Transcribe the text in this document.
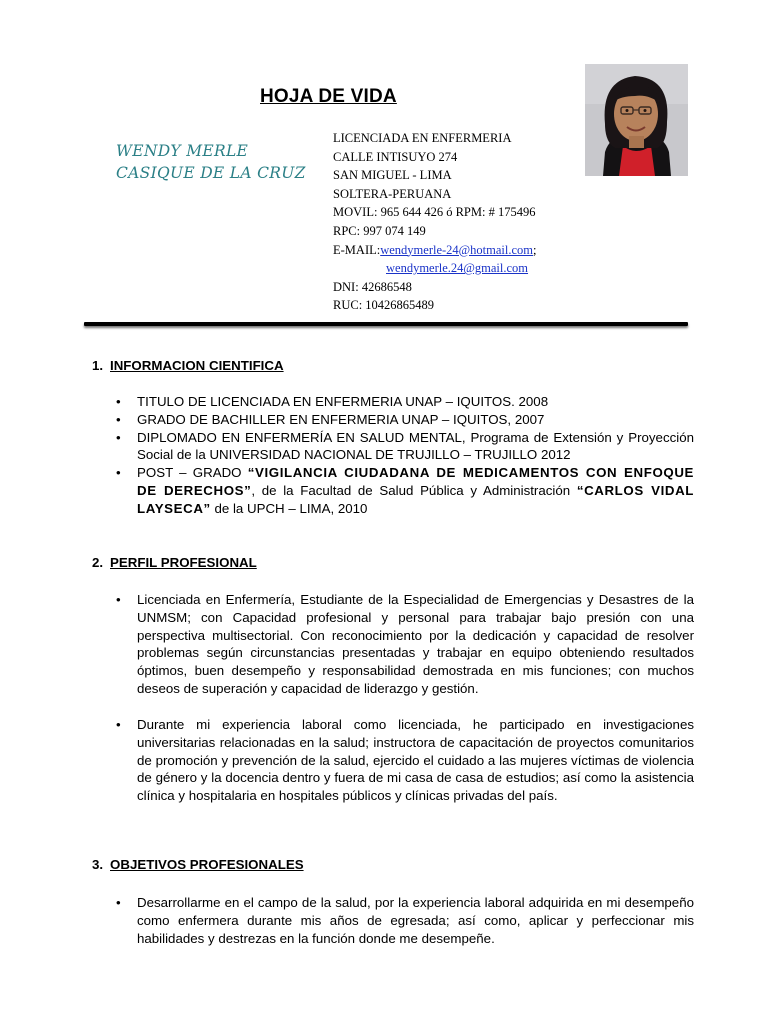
HOJA DE VIDA
WENDY MERLE
CASIQUE DE LA CRUZ
LICENCIADA EN ENFERMERIA
CALLE INTISUYO 274
SAN MIGUEL - LIMA
SOLTERA-PERUANA
MOVIL: 965 644 426 ó RPM: # 175496
RPC: 997 074 149
E-MAIL:wendymerle-24@hotmail.com;
wendymerle.24@gmail.com
DNI: 42686548
RUC: 10426865489
1. INFORMACION CIENTIFICA
• TITULO DE LICENCIADA EN ENFERMERIA UNAP – IQUITOS. 2008
• GRADO DE BACHILLER EN ENFERMERIA UNAP – IQUITOS, 2007
• DIPLOMADO EN ENFERMERÍA EN SALUD MENTAL, Programa de Extensión y Proyección Social de la UNIVERSIDAD NACIONAL DE TRUJILLO – TRUJILLO 2012
• POST – GRADO “VIGILANCIA CIUDADANA DE MEDICAMENTOS CON ENFOQUE DE DERECHOS”, de la Facultad de Salud Pública y Administración “CARLOS VIDAL LAYSECA” de la UPCH – LIMA, 2010
2. PERFIL PROFESIONAL
• Licenciada en Enfermería, Estudiante de la Especialidad de Emergencias y Desastres de la UNMSM; con Capacidad profesional y personal para trabajar bajo presión con una perspectiva multisectorial. Con reconocimiento por la dedicación y capacidad de resolver problemas según circunstancias presentadas y trabajar en equipo obteniendo resultados óptimos, buen desempeño y responsabilidad demostrada en mis funciones; con muchos deseos de superación y capacidad de liderazgo y gestión.
• Durante mi experiencia laboral como licenciada, he participado en investigaciones universitarias relacionadas en la salud; instructora de capacitación de proyectos comunitarios de promoción y prevención de la salud, ejercido el cuidado a las mujeres víctimas de violencia de género y la docencia dentro y fuera de mi casa de casa de estudios; así como la asistencia clínica y hospitalaria en hospitales públicos y clínicas privadas del país.
3. OBJETIVOS PROFESIONALES
• Desarrollarme en el campo de la salud, por la experiencia laboral adquirida en mi desempeño como enfermera durante mis años de egresada; así como, aplicar y perfeccionar mis habilidades y destrezas en la función donde me desempeñe.
